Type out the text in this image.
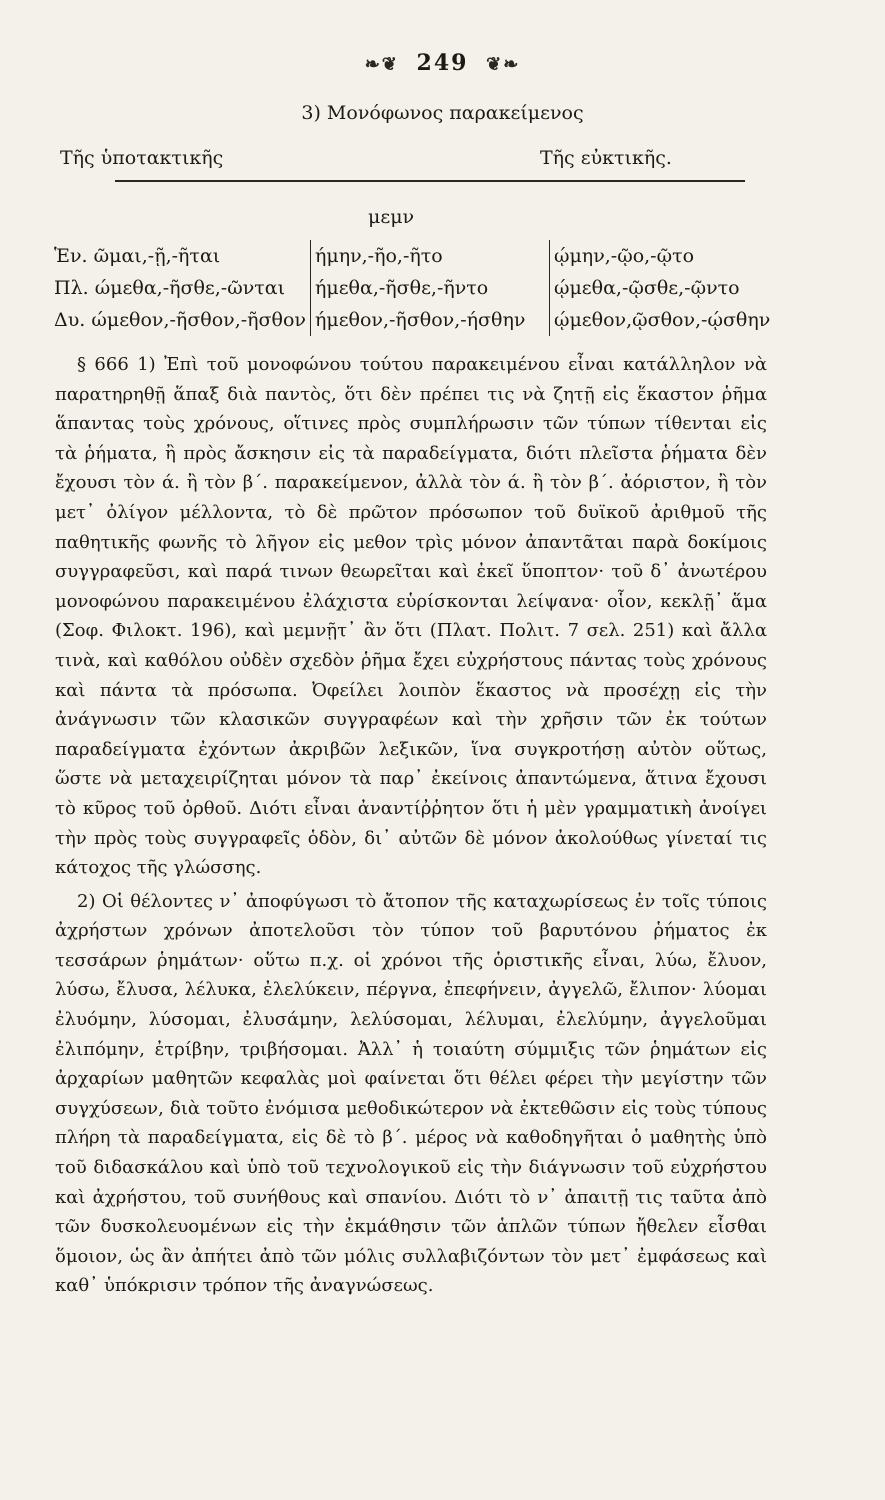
❧❦ 249 ❦❧
3) Μονόφωνος παρακείμενος
Τῆς ὑποτακτικῆς	Τῆς εὐκτικῆς.
μεμν
Ἑν. ῶμαι,-ῇ,-ῆται	ήμην,-ῆο,-ῆτο	ῴμην,-ῷο,-ῷτο
Πλ. ώμεθα,-ῆσθε,-ῶνται	ήμεθα,-ῆσθε,-ῆντο	ῴμεθα,-ῷσθε,-ῷντο
Δυ. ώμεθον,-ῆσθον,-ῆσθον	ήμεθον,-ῆσθον,-ήσθην	ῴμεθον,ῷσθον,-ῴσθην

§ 666 1) Ἐπὶ τοῦ μονοφώνου τούτου παρακειμένου εἶναι κατάλληλον νὰ παρατηρηθῇ ἅπαξ διὰ παντὸς, ὅτι δὲν πρέπει τις νὰ ζητῇ εἰς ἕκαστον ῥῆμα ἅπαντας τοὺς χρόνους, οἵτινες πρὸς συμπλήρωσιν τῶν τύπων τίθενται εἰς τὰ ῥήματα, ἢ πρὸς ἄσκησιν εἰς τὰ παραδείγματα, διότι πλεῖστα ῥήματα δὲν ἔχουσι τὸν ά. ἢ τὸν β΄. παρακείμενον, ἀλλὰ τὸν ά. ἢ τὸν β΄. ἀόριστον, ἢ τὸν μετ᾽ ὀλίγον μέλλοντα, τὸ δὲ πρῶτον πρόσωπον τοῦ δυϊκοῦ ἀριθμοῦ τῆς παθητικῆς φωνῆς τὸ λῆγον εἰς μεθον τρὶς μόνον ἀπαντᾶται παρὰ δοκίμοις συγγραφεῦσι, καὶ παρά τινων θεωρεῖται καὶ ἐκεῖ ὕποπτον· τοῦ δ᾽ ἀνωτέρου μονοφώνου παρακειμένου ἐλάχιστα εὑρίσκονται λείψανα· οἷον, κεκλῇ᾽ ἅμα (Σοφ. Φιλοκτ. 196), καὶ μεμνῇτ᾽ ἂν ὅτι (Πλατ. Πολιτ. 7 σελ. 251) καὶ ἄλλα τινὰ, καὶ καθόλου οὐδὲν σχεδὸν ῥῆμα ἔχει εὐχρήστους πάντας τοὺς χρόνους καὶ πάντα τὰ πρόσωπα. Ὀφείλει λοιπὸν ἕκαστος νὰ προσέχῃ εἰς τὴν ἀνάγνωσιν τῶν κλασικῶν συγγραφέων καὶ τὴν χρῆσιν τῶν ἐκ τούτων παραδείγματα ἐχόντων ἀκριβῶν λεξικῶν, ἵνα συγκροτήσῃ αὐτὸν οὕτως, ὥστε νὰ μεταχειρίζηται μόνον τὰ παρ᾽ ἐκείνοις ἀπαντώμενα, ἅτινα ἔχουσι τὸ κῦρος τοῦ ὀρθοῦ. Διότι εἶναι ἀναντίῤῥητον ὅτι ἡ μὲν γραμματικὴ ἀνοίγει τὴν πρὸς τοὺς συγγραφεῖς ὁδὸν, δι᾽ αὐτῶν δὲ μόνον ἀκολούθως γίνεταί τις κάτοχος τῆς γλώσσης.

2) Οἱ θέλοντες ν᾽ ἀποφύγωσι τὸ ἄτοπον τῆς καταχωρίσεως ἐν τοῖς τύποις ἀχρήστων χρόνων ἀποτελοῦσι τὸν τύπον τοῦ βαρυτόνου ῥήματος ἐκ τεσσάρων ῥημάτων· οὕτω π.χ. οἱ χρόνοι τῆς ὁριστικῆς εἶναι, λύω, ἔλυον, λύσω, ἔλυσα, λέλυκα, ἐλελύκειν, πέργνα, ἐπεφήνειν, ἀγγελῶ, ἔλιπον· λύομαι ἐλυόμην, λύσομαι, ἐλυσάμην, λελύσομαι, λέλυμαι, ἐλελύμην, ἀγγελοῦμαι ἐλιπόμην, ἐτρίβην, τριβήσομαι. Ἀλλ᾽ ἡ τοιαύτη σύμμιξις τῶν ῥημάτων εἰς ἀρχαρίων μαθητῶν κεφαλὰς μοὶ φαίνεται ὅτι θέλει φέρει τὴν μεγίστην τῶν συγχύσεων, διὰ τοῦτο ἐνόμισα μεθοδικώτερον νὰ ἐκτεθῶσιν εἰς τοὺς τύπους πλήρη τὰ παραδείγματα, εἰς δὲ τὸ β΄. μέρος νὰ καθοδηγῆται ὁ μαθητὴς ὑπὸ τοῦ διδασκάλου καὶ ὑπὸ τοῦ τεχνολογικοῦ εἰς τὴν διάγνωσιν τοῦ εὐχρήστου καὶ ἀχρήστου, τοῦ συνήθους καὶ σπανίου. Διότι τὸ ν᾽ ἀπαιτῇ τις ταῦτα ἀπὸ τῶν δυσκολευομένων εἰς τὴν ἐκμάθησιν τῶν ἁπλῶν τύπων ἤθελεν εἶσθαι ὅμοιον, ὡς ἂν ἀπήτει ἀπὸ τῶν μόλις συλλαβιζόντων τὸν μετ᾽ ἐμφάσεως καὶ καθ᾽ ὑπόκρισιν τρόπον τῆς ἀναγνώσεως.
